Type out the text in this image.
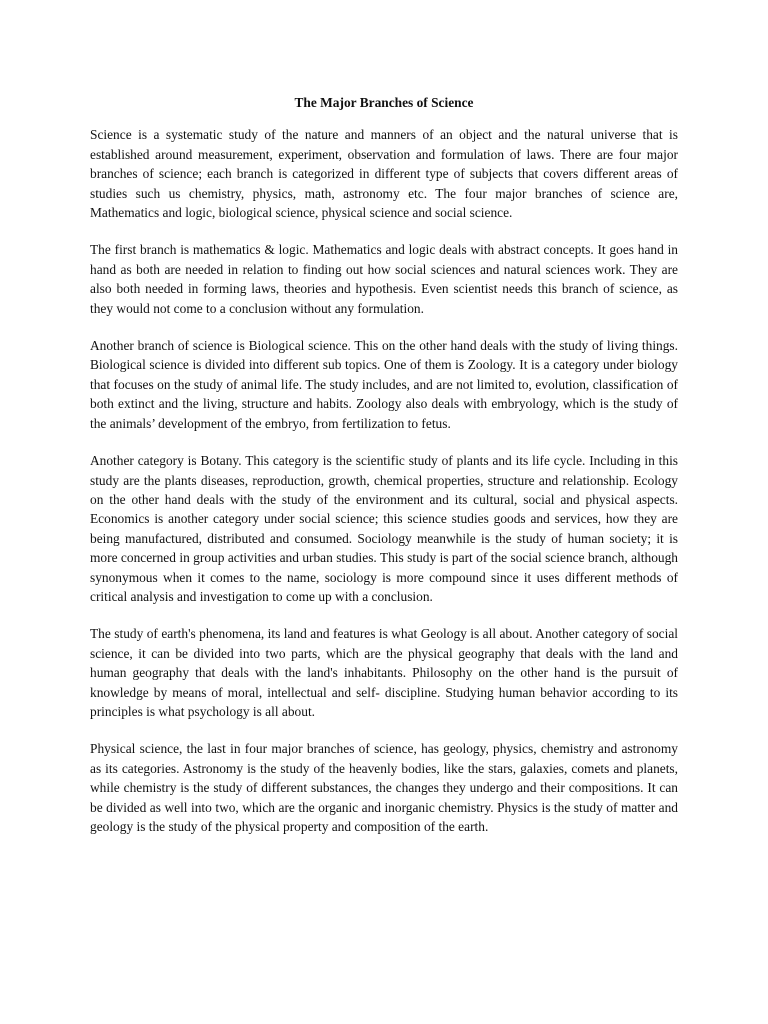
The Major Branches of Science

Science is a systematic study of the nature and manners of an object and the natural universe that is established around measurement, experiment, observation and formulation of laws. There are four major branches of science; each branch is categorized in different type of subjects that covers different areas of studies such us chemistry, physics, math, astronomy etc. The four major branches of science are, Mathematics and logic, biological science, physical science and social science.

The first branch is mathematics & logic. Mathematics and logic deals with abstract concepts. It goes hand in hand as both are needed in relation to finding out how social sciences and natural sciences work. They are also both needed in forming laws, theories and hypothesis. Even scientist needs this branch of science, as they would not come to a conclusion without any formulation.

Another branch of science is Biological science. This on the other hand deals with the study of living things. Biological science is divided into different sub topics. One of them is Zoology. It is a category under biology that focuses on the study of animal life. The study includes, and are not limited to, evolution, classification of both extinct and the living, structure and habits. Zoology also deals with embryology, which is the study of the animals’ development of the embryo, from fertilization to fetus.

Another category is Botany. This category is the scientific study of plants and its life cycle. Including in this study are the plants diseases, reproduction, growth, chemical properties, structure and relationship. Ecology on the other hand deals with the study of the environment and its cultural, social and physical aspects. Economics is another category under social science; this science studies goods and services, how they are being manufactured, distributed and consumed. Sociology meanwhile is the study of human society; it is more concerned in group activities and urban studies. This study is part of the social science branch, although synonymous when it comes to the name, sociology is more compound since it uses different methods of critical analysis and investigation to come up with a conclusion.

The study of earth's phenomena, its land and features is what Geology is all about. Another category of social science, it can be divided into two parts, which are the physical geography that deals with the land and human geography that deals with the land's inhabitants. Philosophy on the other hand is the pursuit of knowledge by means of moral, intellectual and self- discipline. Studying human behavior according to its principles is what psychology is all about.

Physical science, the last in four major branches of science, has geology, physics, chemistry and astronomy as its categories. Astronomy is the study of the heavenly bodies, like the stars, galaxies, comets and planets, while chemistry is the study of different substances, the changes they undergo and their compositions. It can be divided as well into two, which are the organic and inorganic chemistry. Physics is the study of matter and geology is the study of the physical property and composition of the earth.
